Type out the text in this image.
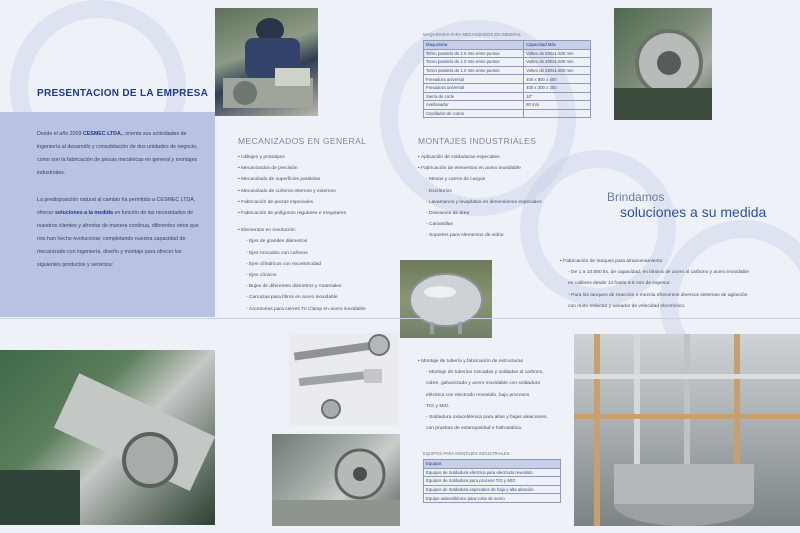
PRESENTACION DE LA EMPRESA

Desde el año 2003 CESMEC LTDA., orienta sus actividades de ingeniería al desarrollo y consolidación de dos unidades de negocio, como son la fabricación de piezas mecánicas en general y montajes industriales.

La predisposición natural al cambio ha permitido a CESMEC LTDA. ofrecer soluciones a la medida en función de las necesidades de nuestros clientes y afrontar de manera continua, diferentes retos que nos han hecho evolucionar, completando nuestra capacidad de mecanizado con ingeniería, diseño y montaje para ofrecer los siguientes productos y servicios:

MAQUINARIA PARA MECANIZADOS EN GENERAL
Maquinaria	Capacidad Máx
Torno paralelo de 1.5 mts entre puntos	Volteo de 500x1.500 mm
Torno paralelo de 1.0 mts entre puntos	Volteo de 400x1.500 mm
Torno paralelo de 1.0 mts entre puntos	Volteo de 250x1.500 mm
Fresadora universal	400 x 800 x 400
Fresadora universal	400 x 300 x 300
Sierra de corte	10"
Avellanador	80 mm
Cepillador de codos	
MECANIZADOS EN GENERAL
• Utillajes y prototipos
• Mecanizados de precisión
• Mecanizado de superficies paralelas
• Mecanizado de cuñeros internos y externos
• Fabricación de piezas especiales
• Fabricación de polígonos regulares e irregulares
• Elementos en revolución:
- Ejes de grandes diámetros
- Ejes roscados con cuñeros
- Ejes cilíndricos con excentricidad
- Ejes cónicos
- Bujes de diferentes diámetros y materiales
- Carcazas para filtros en acero inoxidable
- Accesorios para cierres Tri Clamp en acero inoxidable
MONTAJES INDUSTRIALES
• Aplicación de soldaduras especiales
• Fabricación de elementos en acero inoxidable
- Mesas y carros de cargue
- Escritorios
- Lavamanos y lavaplatos en dimensiones especiales
- Divisiones de área
- Canastillas
- Soportes para elementos de vidrio
Brindamos
soluciones a su medida
• Fabricación de tanques para almacenamiento
- De 1 a 10.000 lts. de capacidad, en lámina de acero al carbono y acero inoxidable
en calibres desde 14 hasta 9.5 mm de espesor.
- Para los tanques de reacción o mezcla ofrecemos diversos sistemas de agitación
con moto reductor y variador de velocidad electrónico.
• Montaje de tubería y fabricación de estructuras
- Montaje de tuberías roscadas y soldadas al carbono,
cobre, galvanizado y acero inoxidable con soldadura
eléctrica con electrodo revestido, bajo procesos
TIG y MIG.
- Soldadura oxiacetilénica para altas y bajas aleaciones,
con pruebas de estanqueidad e hidrostática.
EQUIPOS PARA MONTAJES INDUSTRIALES
Equipos
Equipos de Soldadura eléctrica para electrodo revestido
Equipos de Soldadura para proceso TIG y MIG
Equipos de Soldadura especiales de baja y alta aleación
Equipo oxiacetilénico para corte de acero
